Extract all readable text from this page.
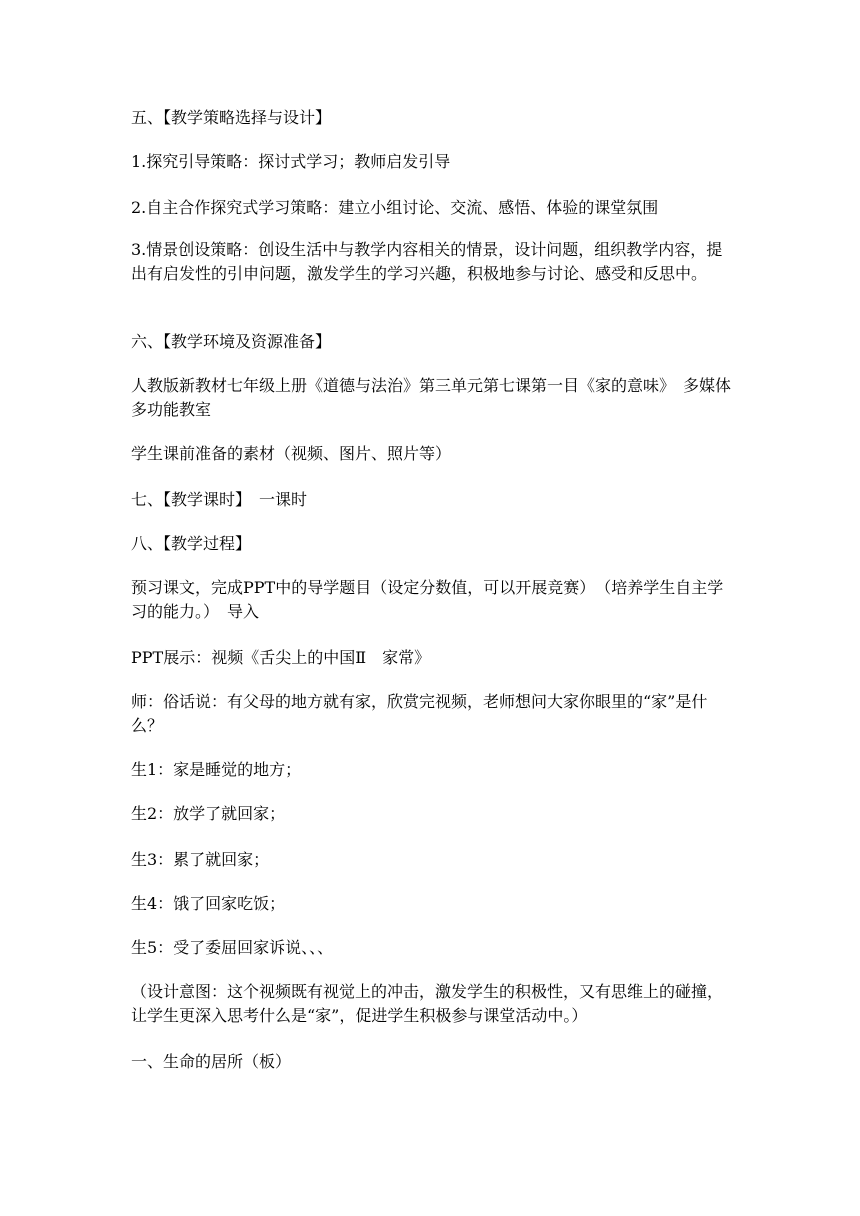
五、【教学策略选择与设计】

1.探究引导策略：探讨式学习；教师启发引导

2.自主合作探究式学习策略：建立小组讨论、交流、感悟、体验的课堂氛围

3.情景创设策略：创设生活中与教学内容相关的情景，设计问题，组织教学内容，提出有启发性的引申问题，激发学生的学习兴趣，积极地参与讨论、感受和反思中。

六、【教学环境及资源准备】

人教版新教材七年级上册《道德与法治》第三单元第七课第一目《家的意味》　多媒体多功能教室

学生课前准备的素材（视频、图片、照片等）

七、【教学课时】　一课时

八、【教学过程】

预习课文，完成PPT中的导学题目（设定分数值，可以开展竞赛）　（培养学生自主学习的能力。）　导入

PPT展示：视频《舌尖上的中国Ⅱ　家常》

师：俗话说：有父母的地方就有家，欣赏完视频，老师想问大家你眼里的“家”是什么？

生1：家是睡觉的地方；

生2：放学了就回家；

生3：累了就回家；

生4：饿了回家吃饭；

生5：受了委屈回家诉说、、、

（设计意图：这个视频既有视觉上的冲击，激发学生的积极性，又有思维上的碰撞，让学生更深入思考什么是“家”，促进学生积极参与课堂活动中。）

一、生命的居所（板）
